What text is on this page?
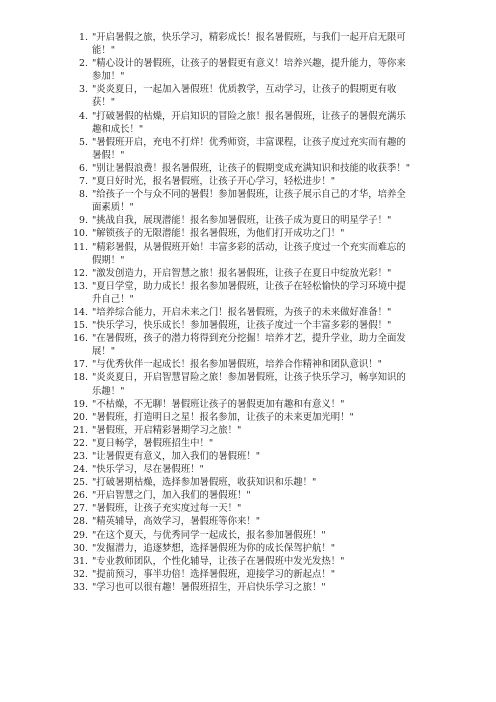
1. "开启暑假之旅，快乐学习，精彩成长！报名暑假班，与我们一起开启无限可能！"
2. "精心设计的暑假班，让孩子的暑假更有意义！培养兴趣，提升能力，等你来参加！"
3. "炎炎夏日，一起加入暑假班！优质教学，互动学习，让孩子的假期更有收获！"
4. "打破暑假的枯燥，开启知识的冒险之旅！报名暑假班，让孩子的暑假充满乐趣和成长！"
5. "暑假班开启，充电不打烊！优秀师资，丰富课程，让孩子度过充实而有趣的暑假！"
6. "别让暑假浪费！报名暑假班，让孩子的假期变成充满知识和技能的收获季！"
7. "夏日好时光，报名暑假班，让孩子开心学习，轻松进步！"
8. "给孩子一个与众不同的暑假！参加暑假班，让孩子展示自己的才华，培养全面素质！"
9. "挑战自我，展现潜能！报名参加暑假班，让孩子成为夏日的明星学子！"
10. "解锁孩子的无限潜能！报名暑假班，为他们打开成功之门！"
11. "精彩暑假，从暑假班开始！丰富多彩的活动，让孩子度过一个充实而难忘的假期！"
12. "激发创造力，开启智慧之旅！报名暑假班，让孩子在夏日中绽放光彩！"
13. "夏日学堂，助力成长！报名参加暑假班，让孩子在轻松愉快的学习环境中提升自己！"
14. "培养综合能力，开启未来之门！报名暑假班，为孩子的未来做好准备！"
15. "快乐学习，快乐成长！参加暑假班，让孩子度过一个丰富多彩的暑假！"
16. "在暑假班，孩子的潜力将得到充分挖掘！培养才艺，提升学业，助力全面发展！"
17. "与优秀伙伴一起成长！报名参加暑假班，培养合作精神和团队意识！"
18. "炎炎夏日，开启智慧冒险之旅！参加暑假班，让孩子快乐学习，畅享知识的乐趣！"
19. "不枯燥，不无聊！暑假班让孩子的暑假更加有趣和有意义！"
20. "暑假班，打造明日之星！报名参加，让孩子的未来更加光明！"
21. "暑假班，开启精彩暑期学习之旅！"
22. "夏日畅学，暑假班招生中！"
23. "让暑假更有意义，加入我们的暑假班！"
24. "快乐学习，尽在暑假班！"
25. "打破暑期枯燥，选择参加暑假班，收获知识和乐趣！"
26. "开启智慧之门，加入我们的暑假班！"
27. "暑假班，让孩子充实度过每一天！"
28. "精英辅导，高效学习，暑假班等你来！"
29. "在这个夏天，与优秀同学一起成长，报名参加暑假班！"
30. "发掘潜力，追逐梦想，选择暑假班为你的成长保驾护航！"
31. "专业教师团队，个性化辅导，让孩子在暑假班中发光发热！"
32. "提前预习，事半功倍！选择暑假班，迎接学习的新起点！"
33. "学习也可以很有趣！暑假班招生，开启快乐学习之旅！"
